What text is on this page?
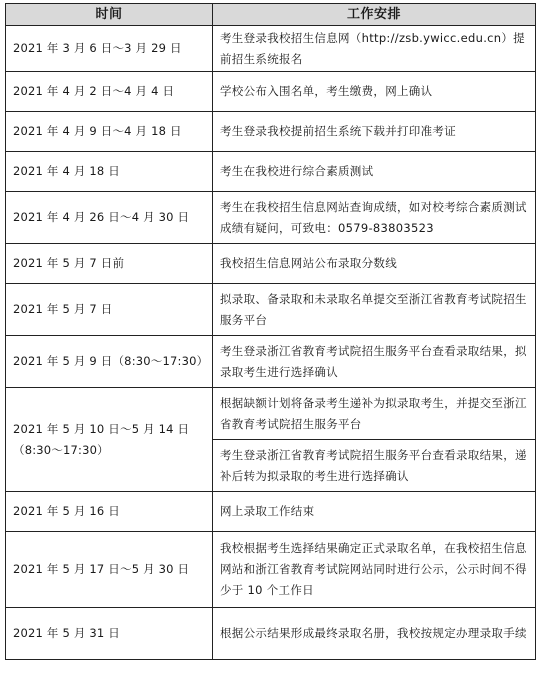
时间	工作安排
2021 年 3 月 6 日～3 月 29 日	考生登录我校招生信息网（http://zsb.ywicc.edu.cn）提前招生系统报名
2021 年 4 月 2 日～4 月 4 日	学校公布入围名单，考生缴费，网上确认
2021 年 4 月 9 日～4 月 18 日	考生登录我校提前招生系统下载并打印准考证
2021 年 4 月 18 日	考生在我校进行综合素质测试
2021 年 4 月 26 日～4 月 30 日	考生在我校招生信息网站查询成绩，如对校考综合素质测试成绩有疑问，可致电：0579-83803523
2021 年 5 月 7 日前	我校招生信息网站公布录取分数线
2021 年 5 月 7 日	拟录取、备录取和未录取名单提交至浙江省教育考试院招生服务平台
2021 年 5 月 9 日（8:30～17:30）	考生登录浙江省教育考试院招生服务平台查看录取结果，拟录取考生进行选择确认
2021 年 5 月 10 日～5 月 14 日
（8:30～17:30）	根据缺额计划将备录考生递补为拟录取考生，并提交至浙江省教育考试院招生服务平台
	考生登录浙江省教育考试院招生服务平台查看录取结果，递补后转为拟录取的考生进行选择确认
2021 年 5 月 16 日	网上录取工作结束
2021 年 5 月 17 日～5 月 30 日	我校根据考生选择结果确定正式录取名单，在我校招生信息网站和浙江省教育考试院网站同时进行公示，公示时间不得少于 10 个工作日
2021 年 5 月 31 日	根据公示结果形成最终录取名册，我校按规定办理录取手续
